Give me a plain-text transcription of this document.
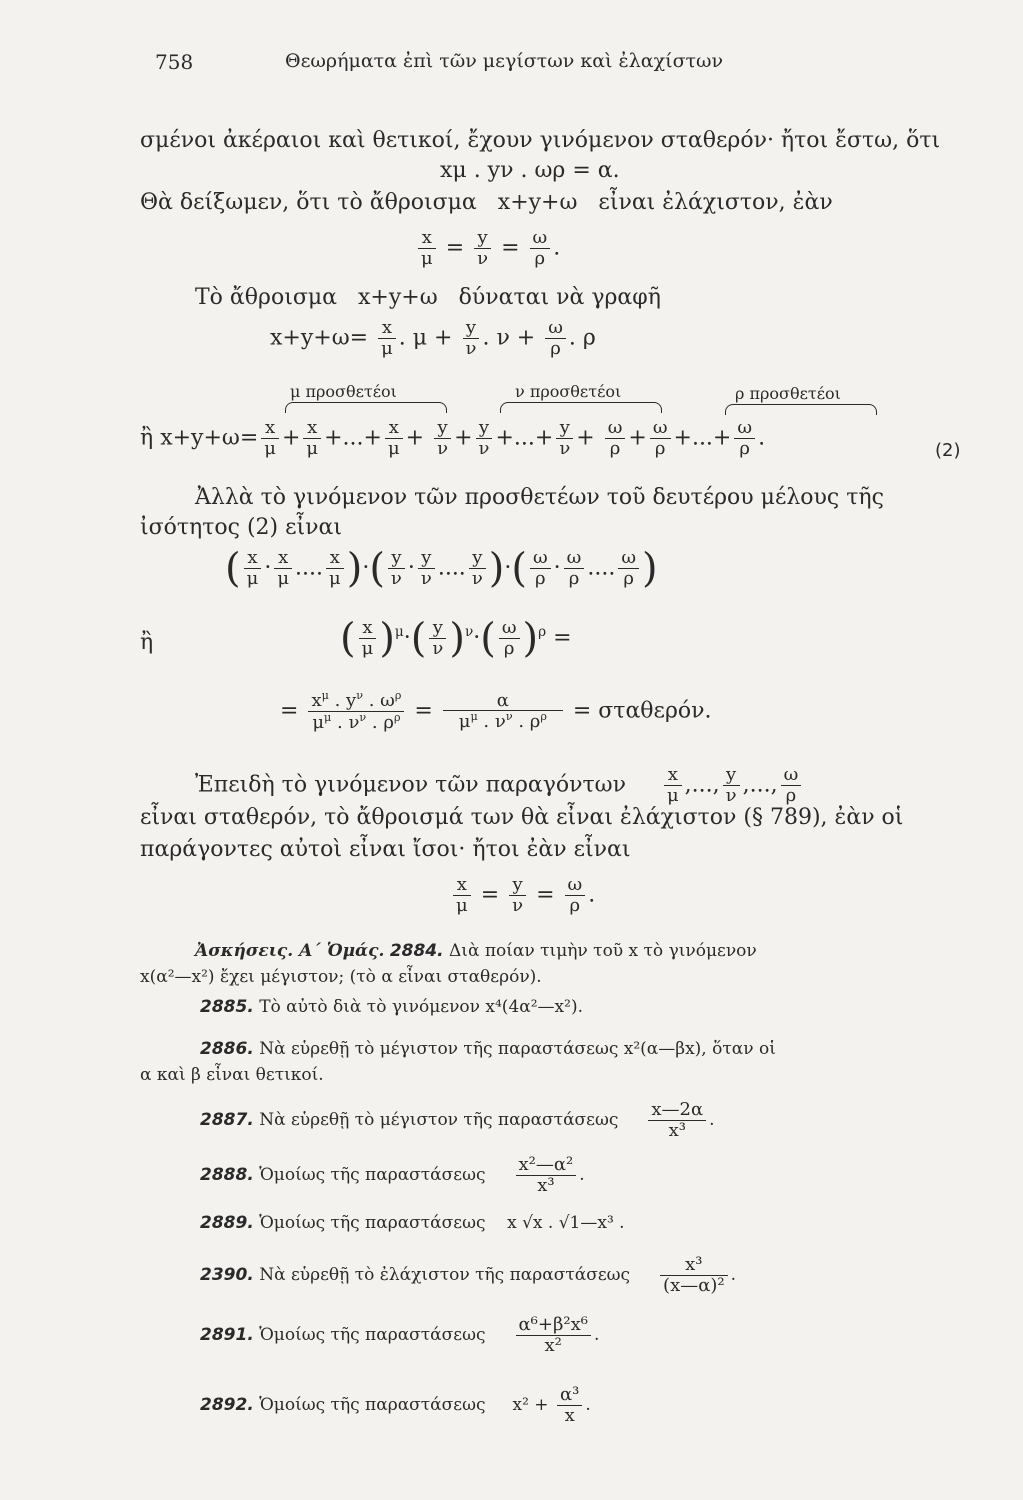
758	Θεωρήματα ἐπὶ τῶν μεγίστων καὶ ἐλαχίστων
σμένοι ἀκέραιοι καὶ θετικοί, ἔχουν γινόμενον σταθερόν· ἤτοι ἔστω, ὅτι
xμ . yν . ωρ = α.
Θὰ δείξωμεν, ὅτι τὸ ἄθροισμα x+y+ω εἶναι ἐλάχιστον, ἐὰν
$\frac{x}{\mu} = \frac{y}{\nu} = \frac{\omega}{\rho}$ .
Τὸ ἄθροισμα x+y+ω δύναται νὰ γραφῆ
$x+y+\omega= \frac{x}{\mu}$ . $\mu + \frac{y}{\nu}$ . $\nu + \frac{\omega}{\rho}$ . ρ
μ προσθετέοι	ν προσθετέοι	ρ προσθετέοι
ἢ $x+y+\omega= \frac{x}{\mu} + \frac{x}{\mu}$ +...+ $\frac{x}{\mu} + \frac{y}{\nu} + \frac{y}{\nu}$ +...+ $\frac{y}{\nu} + \frac{\omega}{\rho} + \frac{\omega}{\rho}$ +...+ $\frac{\omega}{\rho}$ .
(2)
Ἀλλὰ τὸ γινόμενον τῶν προσθετέων τοῦ δευτέρου μέλους τῆς
ἰσότητος (2) εἶναι
( $\frac{x}{\mu} \cdot \frac{x}{\mu}$ .... $\frac{x}{\mu}$ )·( $\frac{y}{\nu} \cdot \frac{y}{\nu}$ .... $\frac{y}{\nu}$ )·( $\frac{\omega}{\rho} \cdot \frac{\omega}{\rho}$ .... $\frac{\omega}{\rho}$ )
ἢ	( $\frac{x}{\mu} )^\mu\cdot( \frac{y}{\nu} )^\nu\cdot( \frac{\omega}{\rho} )^\rho$ =
= $\frac{x^\mu . y^\nu . \omega^\rho}{\mu^\mu . \nu^\nu . \rho^\rho} = \frac{\alpha}{\mu^\mu . \nu^\nu . \rho^\rho} = \sigma\tau\alpha\theta\varepsilon\rho ό\nu$.
Ἐπειδὴ τὸ γινόμενον τῶν παραγόντων $\frac{x}{\mu}$ ,..., $\frac{y}{\nu}$ ,..., $\frac{\omega}{\rho}$
εἶναι σταθερόν, τὸ ἄθροισμά των θὰ εἶναι ἐλάχιστον (§ 789), ἐὰν οἱ
παράγοντες αὐτοὶ εἶναι ἴσοι· ἤτοι ἐὰν εἶναι
$\frac{x}{\mu} = \frac{y}{\nu} = \frac{\omega}{\rho}$ .
Ἀσκήσεις. Α΄ Ὁμάς. 2884. Διὰ ποίαν τιμὴν τοῦ x τὸ γινόμενον
x(α²—x²) ἔχει μέγιστον; (τὸ α εἶναι σταθερόν).
2885. Τὸ αὐτὸ διὰ τὸ γινόμενον x⁴(4α²—x²).
2886. Νὰ εὑρεθῇ τὸ μέγιστον τῆς παραστάσεως x²(α—βx), ὅταν οἱ
α καὶ β εἶναι θετικοί.
2887. Νὰ εὑρεθῇ τὸ μέγιστον τῆς παραστάσεως $\frac{x—2\alpha}{\text{x³}}$ .
2888. Ὁμοίως τῆς παραστάσεως $\frac{\text{x²—α²}}{\text{x³}}$ .
2889. Ὁμοίως τῆς παραστάσεως x √x . √1—x³ .
2390. Νὰ εὑρεθῇ τὸ ἐλάχιστον τῆς παραστάσεως $\frac{\text{x³}}{\text{(x—α)²}}$ .
2891. Ὁμοίως τῆς παραστάσεως $\frac{\text{α⁶+β²x⁶}}{\text{x²}}$ .
2892. Ὁμοίως τῆς παραστάσεως $x^2 + \frac{\text{α³}}{x}$ .
